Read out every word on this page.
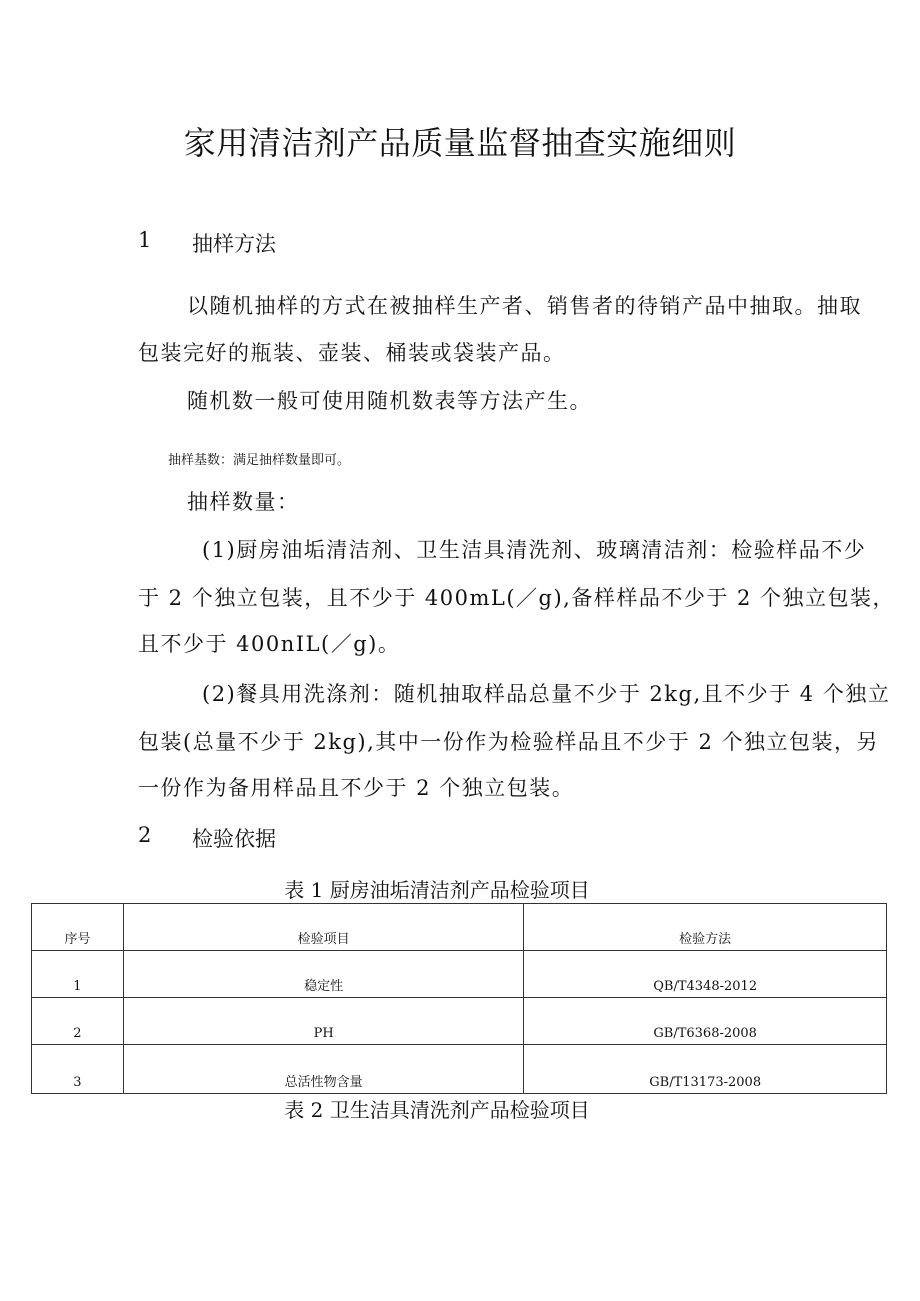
家用清洁剂产品质量监督抽查实施细则
1 抽样方法
以随机抽样的方式在被抽样生产者、销售者的待销产品中抽取。抽取
包装完好的瓶装、壶装、桶装或袋装产品。
随机数一般可使用随机数表等方法产生。
抽样基数：满足抽样数量即可。
抽样数量：
(1)厨房油垢清洁剂、卫生洁具清洗剂、玻璃清洁剂：检验样品不少
于 2 个独立包装，且不少于 400mL(／g),备样样品不少于 2 个独立包装，
且不少于 400nIL(／g)。
(2)餐具用洗涤剂：随机抽取样品总量不少于 2kg,且不少于 4 个独立
包装(总量不少于 2kg),其中一份作为检验样品且不少于 2 个独立包装，另
一份作为备用样品且不少于 2 个独立包装。
2 检验依据
表 1 厨房油垢清洁剂产品检验项目
序号	检验项目	检验方法
1	稳定性	QB/T4348-2012
2	PH	GB/T6368-2008
3	总活性物含量	GB/T13173-2008
表 2 卫生洁具清洗剂产品检验项目
